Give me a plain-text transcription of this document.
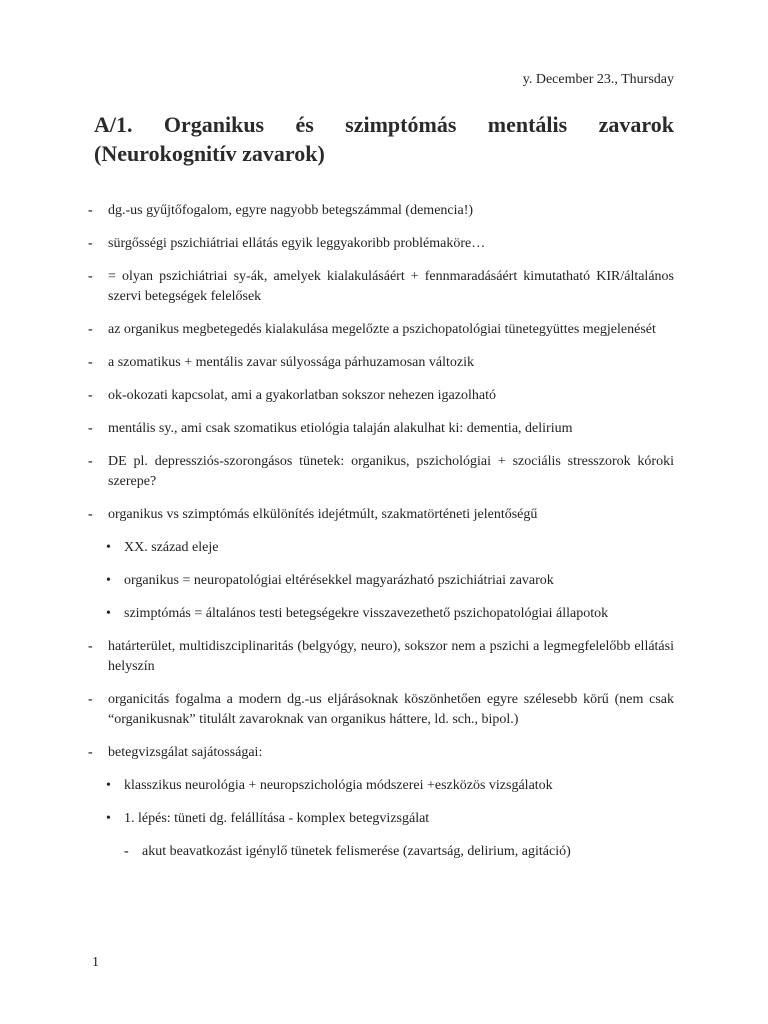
y. December 23., Thursday
A/1. Organikus és szimptómás mentális zavarok
(Neurokognitív zavarok)
- dg.-us gyűjtőfogalom, egyre nagyobb betegszámmal (demencia!)
- sürgősségi pszichiátriai ellátás egyik leggyakoribb problémaköre…
- = olyan pszichiátriai sy-ák, amelyek kialakulásáért + fennmaradásáért kimutatható KIR/általános szervi betegségek felelősek
- az organikus megbetegedés kialakulása megelőzte a pszichopatológiai tünetegyüttes megjelenését
- a szomatikus + mentális zavar súlyossága párhuzamosan változik
- ok-okozati kapcsolat, ami a gyakorlatban sokszor nehezen igazolható
- mentális sy., ami csak szomatikus etiológia talaján alakulhat ki: dementia, delirium
- DE pl. depressziós-szorongásos tünetek: organikus, pszichológiai + szociális stresszorok kóroki szerepe?
- organikus vs szimptómás elkülönítés idejétmúlt, szakmatörténeti jelentőségű
• XX. század eleje
• organikus = neuropatológiai eltérésekkel magyarázható pszichiátriai zavarok
• szimptómás = általános testi betegségekre visszavezethető pszichopatológiai állapotok
- határterület, multidiszciplinaritás (belgyógy, neuro), sokszor nem a pszichi a legmegfelelőbb ellátási helyszín
- organicitás fogalma a modern dg.-us eljárásoknak köszönhetően egyre szélesebb körű (nem csak “organikusnak” titulált zavaroknak van organikus háttere, ld. sch., bipol.)
- betegvizsgálat sajátosságai:
• klasszikus neurológia + neuropszichológia módszerei +eszközös vizsgálatok
• 1. lépés: tüneti dg. felállítása - komplex betegvizsgálat
- akut beavatkozást igénylő tünetek felismerése (zavartság, delirium, agitáció)
1
